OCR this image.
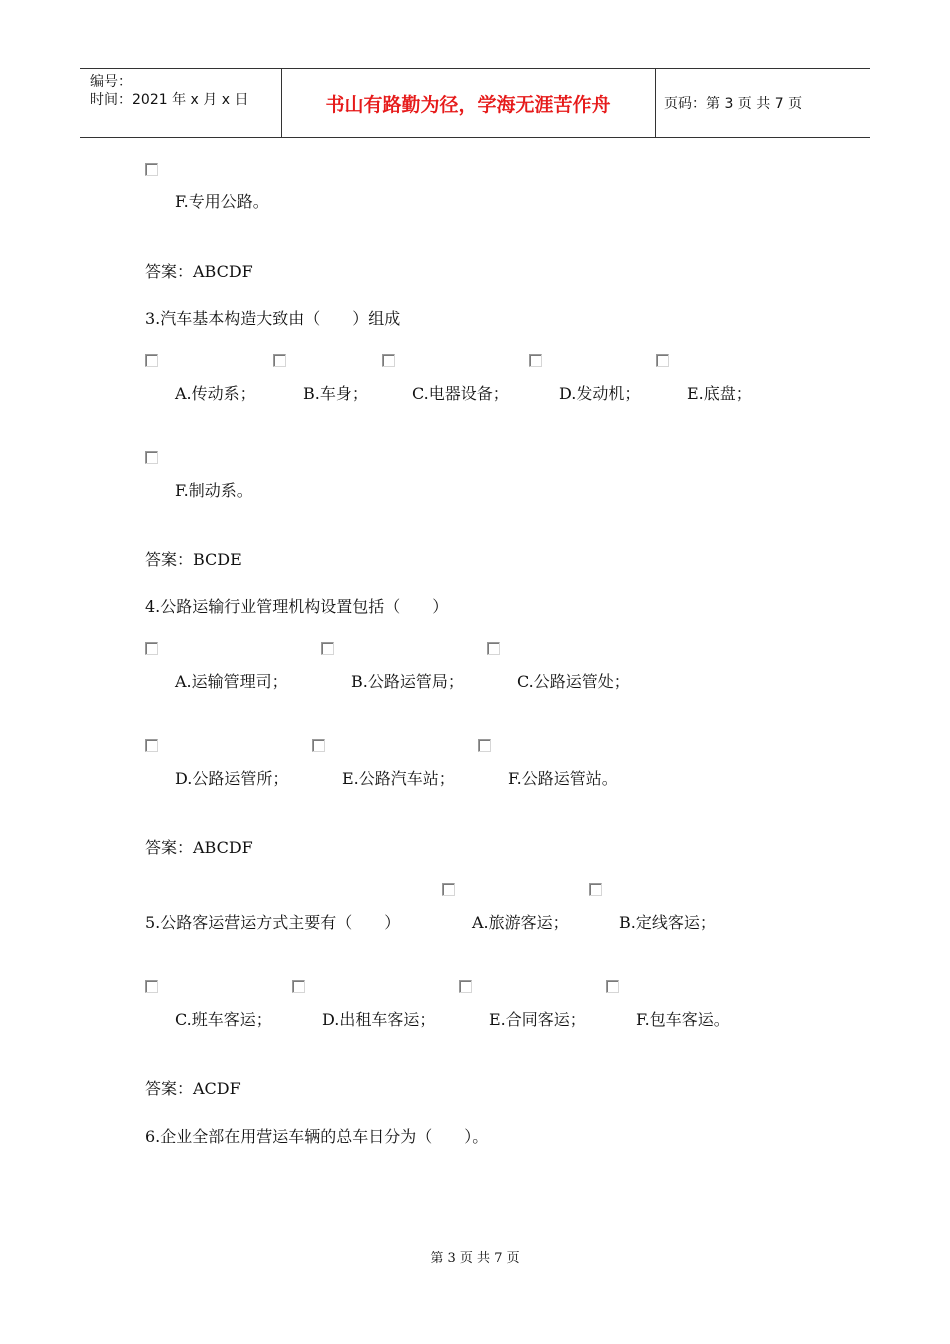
编号：
时间：2021 年 x 月 x 日	书山有路勤为径，学海无涯苦作舟	页码：第 3 页 共 7 页
F.专用公路。
答案：ABCDF
3.汽车基本构造大致由（　　）组成
A.传动系；	B.车身；	C.电器设备；	D.发动机；	E.底盘；
F.制动系。
答案：BCDE
4.公路运输行业管理机构设置包括（　　）
A.运输管理司；	B.公路运管局；	C.公路运管处；
D.公路运管所；	E.公路汽车站；	F.公路运管站。
答案：ABCDF
5.公路客运营运方式主要有（　　）	A.旅游客运；	B.定线客运；
C.班车客运；	D.出租车客运；	E.合同客运；	F.包车客运。
答案：ACDF
6.企业全部在用营运车辆的总车日分为（　　）。
第 3 页 共 7 页
